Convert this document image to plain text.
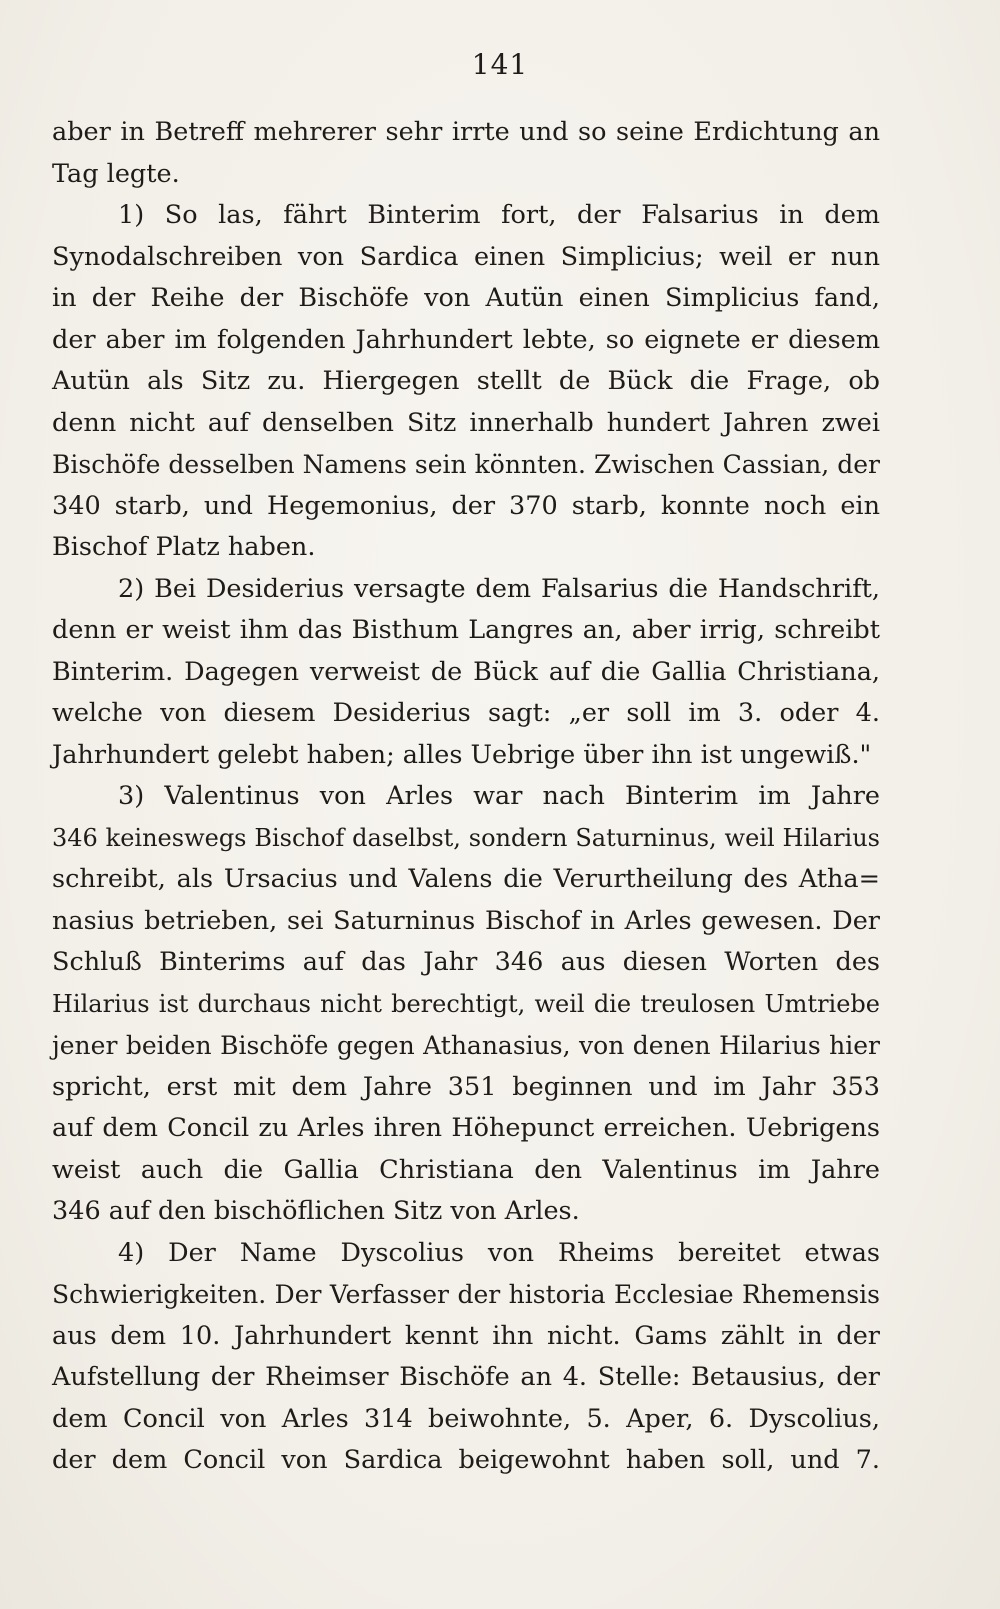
141
aber in Betreff mehrerer sehr irrte und so seine Erdichtung an
Tag legte.
1) So las, fährt Binterim fort, der Falsarius in dem
Synodalschreiben von Sardica einen Simplicius; weil er nun
in der Reihe der Bischöfe von Autün einen Simplicius fand,
der aber im folgenden Jahrhundert lebte, so eignete er diesem
Autün als Sitz zu. Hiergegen stellt de Bück die Frage, ob
denn nicht auf denselben Sitz innerhalb hundert Jahren zwei
Bischöfe desselben Namens sein könnten. Zwischen Cassian, der
340 starb, und Hegemonius, der 370 starb, konnte noch ein
Bischof Platz haben.
2) Bei Desiderius versagte dem Falsarius die Handschrift,
denn er weist ihm das Bisthum Langres an, aber irrig, schreibt
Binterim. Dagegen verweist de Bück auf die Gallia Christiana,
welche von diesem Desiderius sagt: „er soll im 3. oder 4.
Jahrhundert gelebt haben; alles Uebrige über ihn ist ungewiß."
3) Valentinus von Arles war nach Binterim im Jahre
346 keineswegs Bischof daselbst, sondern Saturninus, weil Hilarius
schreibt, als Ursacius und Valens die Verurtheilung des Atha=
nasius betrieben, sei Saturninus Bischof in Arles gewesen. Der
Schluß Binterims auf das Jahr 346 aus diesen Worten des
Hilarius ist durchaus nicht berechtigt, weil die treulosen Umtriebe
jener beiden Bischöfe gegen Athanasius, von denen Hilarius hier
spricht, erst mit dem Jahre 351 beginnen und im Jahr 353
auf dem Concil zu Arles ihren Höhepunct erreichen. Uebrigens
weist auch die Gallia Christiana den Valentinus im Jahre
346 auf den bischöflichen Sitz von Arles.
4) Der Name Dyscolius von Rheims bereitet etwas
Schwierigkeiten. Der Verfasser der historia Ecclesiae Rhemensis
aus dem 10. Jahrhundert kennt ihn nicht. Gams zählt in der
Aufstellung der Rheimser Bischöfe an 4. Stelle: Betausius, der
dem Concil von Arles 314 beiwohnte, 5. Aper, 6. Dyscolius,
der dem Concil von Sardica beigewohnt haben soll, und 7.
